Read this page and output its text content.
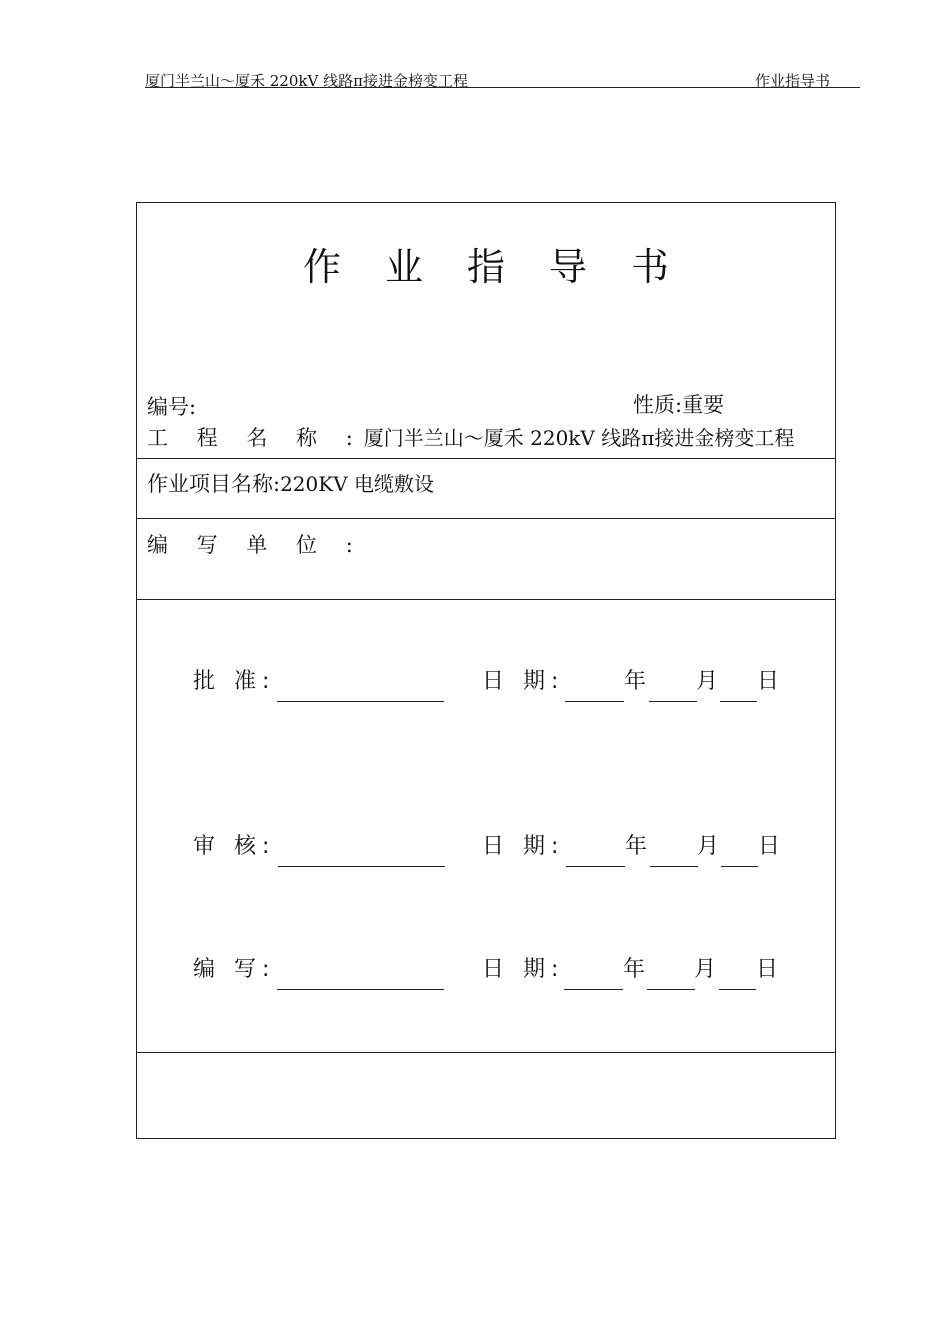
厦门半兰山～厦禾 220kV 线路π接进金榜变工程	作业指导书
作业指导书
编号:	性质:重要
工 程 名 称 :厦门半兰山～厦禾 220kV 线路π接进金榜变工程
作业项目名称:220KV 电缆敷设
编 写 单 位 :
批 准:	日 期:	年 月 日
审 核:	日 期:	年 月 日
编 写:	日 期:	年 月 日
